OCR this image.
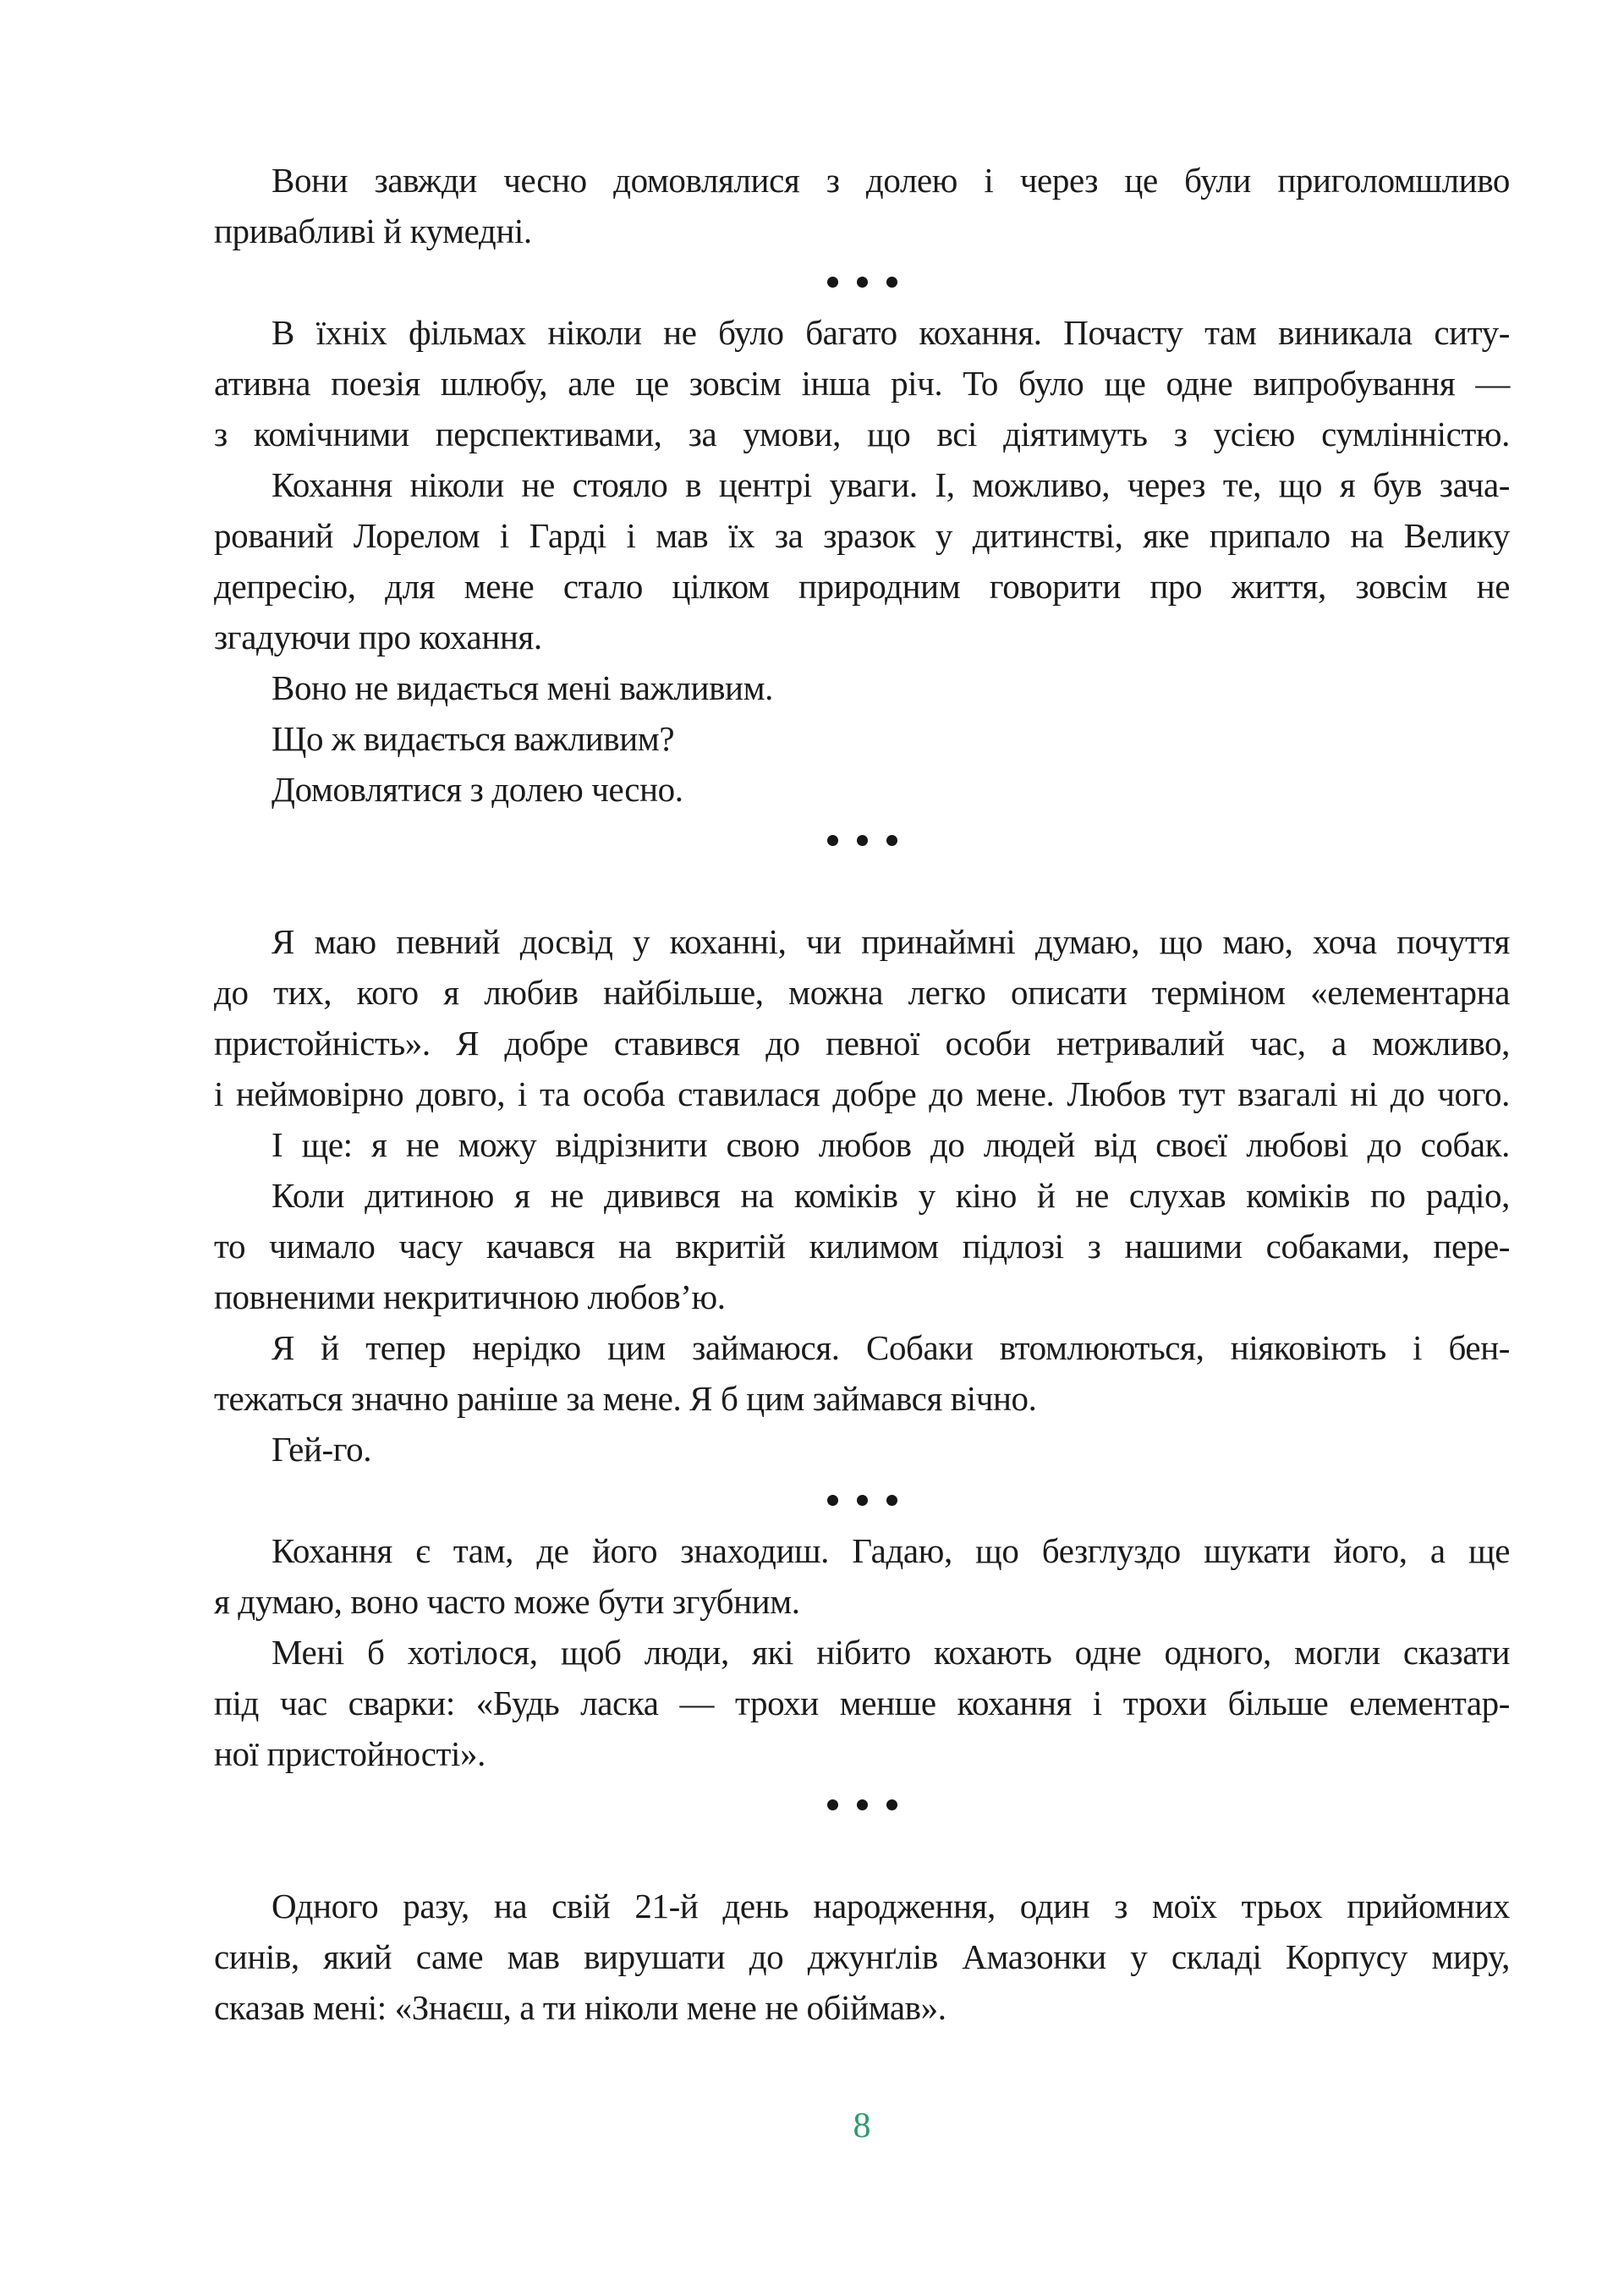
Вони завжди чесно домовлялися з долею і через це були приголомшливо
привабливі й кумедні.
В їхніх фільмах ніколи не було багато кохання. Почасту там виникала ситу-
ативна поезія шлюбу, але це зовсім інша річ. То було ще одне випробування —
з комічними перспективами, за умови, що всі діятимуть з усією сумлінністю.
Кохання ніколи не стояло в центрі уваги. І, можливо, через те, що я був зача-
рований Лорелом і Гарді і мав їх за зразок у дитинстві, яке припало на Велику
депресію, для мене стало цілком природним говорити про життя, зовсім не
згадуючи про кохання.
Воно не видається мені важливим.
Що ж видається важливим?
Домовлятися з долею чесно.
Я маю певний досвід у коханні, чи принаймні думаю, що маю, хоча почуття
до тих, кого я любив найбільше, можна легко описати терміном «елементарна
пристойність». Я добре ставився до певної особи нетривалий час, а можливо,
і неймовірно довго, і та особа ставилася добре до мене. Любов тут взагалі ні до чого.
І ще: я не можу відрізнити свою любов до людей від своєї любові до собак.
Коли дитиною я не дивився на коміків у кіно й не слухав коміків по радіо,
то чимало часу качався на вкритій килимом підлозі з нашими собаками, пере-
повненими некритичною любов’ю.
Я й тепер нерідко цим займаюся. Собаки втомлюються, ніяковіють і бен-
тежаться значно раніше за мене. Я б цим займався вічно.
Гей-го.
Кохання є там, де його знаходиш. Гадаю, що безглуздо шукати його, а ще
я думаю, воно часто може бути згубним.
Мені б хотілося, щоб люди, які нібито кохають одне одного, могли сказати
під час сварки: «Будь ласка — трохи менше кохання і трохи більше елементар-
ної пристойності».
Одного разу, на свій 21-й день народження, один з моїх трьох прийомних
синів, який саме мав вирушати до джунґлів Амазонки у складі Корпусу миру,
сказав мені: «Знаєш, а ти ніколи мене не обіймав».
8
